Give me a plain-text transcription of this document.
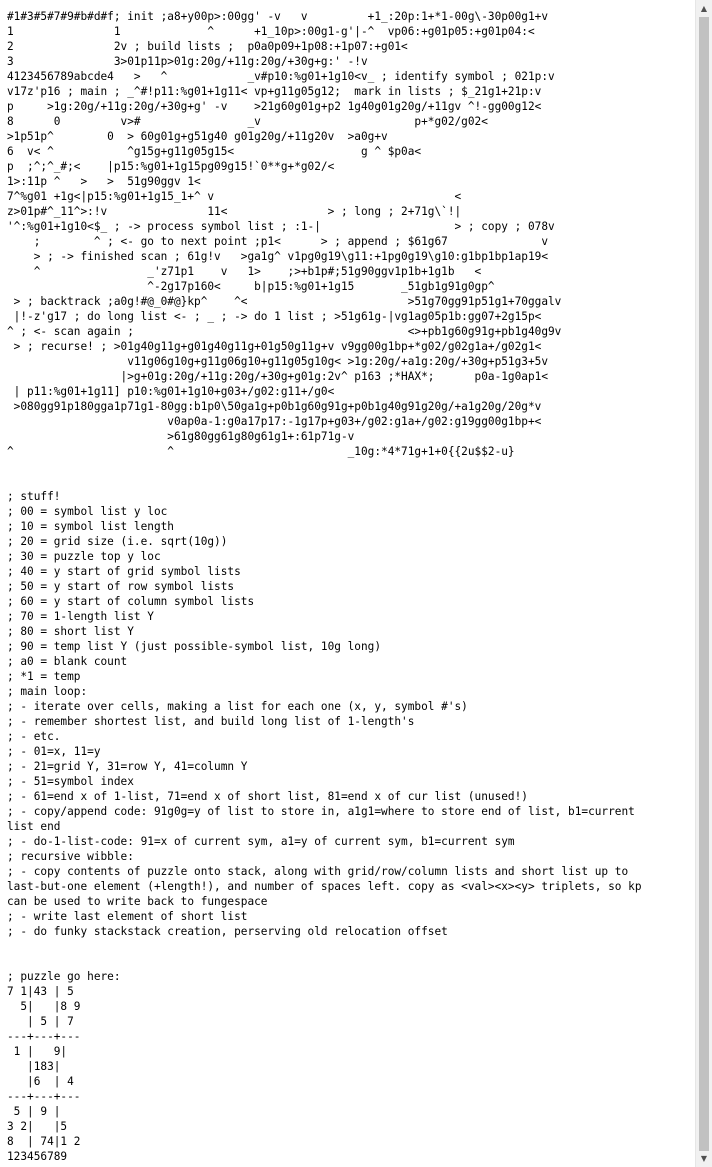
#1#3#5#7#9#b#d#f; init ;a8+y00p>:00gg' -v   v         +1_:20p:1+*1-00g\-30p00g1+v
1               1             ^      +1_10p>:00g1-g'|-^  vp06:+g01p05:+g01p04:<
2               2v ; build lists ;  p0a0p09+1p08:+1p07:+g01<
3               3>01p11p>01g:20g/+11g:20g/+30g+g:' -!v
4123456789abcde4   >   ^            _v#p10:%g01+1g10<v_ ; identify symbol ; 021p:v
v17z'p16 ; main ; _^#!p11:%g01+1g11< vp+g11g05g12;  mark in lists ; $_21g1+21p:v
p     >1g:20g/+11g:20g/+30g+g' -v    >21g60g01g+p2 1g40g01g20g/+11gv ^!-gg00g12<
8      0         v>#                _v                       p+*g02/g02<
>1p51p^        0  > 60g01g+g51g40 g01g20g/+11g20v  >a0g+v
6  v< ^           ^g15g+g11g05g15<                   g ^ $p0a<
p  ;^;^_#;<    |p15:%g01+1g15pg09g15!`0**g+*g02/<
1>:11p ^   >   >  51g90ggv 1<
7^%g01 +1g<|p15:%g01+1g15_1+^ v                                    <
z>01p#^_11^>:!v               11<               > ; long ; 2+71g\`!|
'^:%g01+1g10<$_ ; -> process symbol list ; :1-|                    > ; copy ; 078v
;        ^ ; <- go to next point ;p1<      > ; append ; $61g67              v
> ; -> finished scan ; 61g!v   >ga1g^ v1pg0g19\g11:+1pg0g19\g10:g1bp1bp1ap19<
^                _'z71p1    v   1>    ;>+b1p#;51g90ggv1p1b+1g1b   <
^-2g17p160<     b|p15:%g01+1g15       _51gb1g91g0gp^
> ; backtrack ;a0g!#@_0#@}kp^    ^<                        >51g70gg91p51g1+70ggalv
|!-z'g17 ; do long list <- ; _ ; -> do 1 list ; >51g61g-|vg1ag05p1b:gg07+2g15p<
^ ; <- scan again ;                                         <>+pb1g60g91g+pb1g40g9v
> ; recurse! ; >01g40g11g+g01g40g11g+01g50g11g+v v9gg00g1bp+*g02/g02g1a+/g02g1<
v11g06g10g+g11g06g10+g11g05g10g< >1g:20g/+a1g:20g/+30g+p51g3+5v
|>g+01g:20g/+11g:20g/+30g+g01g:2v^ p163 ;*HAX*;      p0a-1g0ap1<
| p11:%g01+1g11] p10:%g01+1g10+g03+/g02:g11+/g0<
>080gg91p180gga1p71g1-80gg:b1p0\50ga1g+p0b1g60g91g+p0b1g40g91g20g/+a1g20g/20g*v
v0ap0a-1:g0a17p17:-1g17p+g03+/g02:g1a+/g02:g19gg00g1bp+<
>61g80gg61g80g61g1+:61p71g-v
^                       ^                          _10g:*4*71g+1+0{{2u$$2-u}

; stuff!
; 00 = symbol list y loc
; 10 = symbol list length
; 20 = grid size (i.e. sqrt(10g))
; 30 = puzzle top y loc
; 40 = y start of grid symbol lists
; 50 = y start of row symbol lists
; 60 = y start of column symbol lists
; 70 = 1-length list Y
; 80 = short list Y
; 90 = temp list Y (just possible-symbol list, 10g long)
; a0 = blank count
; *1 = temp
; main loop:
; - iterate over cells, making a list for each one (x, y, symbol #'s)
; - remember shortest list, and build long list of 1-length's
; - etc.
; - 01=x, 11=y
; - 21=grid Y, 31=row Y, 41=column Y
; - 51=symbol index
; - 61=end x of 1-list, 71=end x of short list, 81=end x of cur list (unused!)
; - copy/append code: 91g0g=y of list to store in, a1g1=where to store end of list, b1=current
list end
; - do-1-list-code: 91=x of current sym, a1=y of current sym, b1=current sym
; recursive wibble:
; - copy contents of puzzle onto stack, along with grid/row/column lists and short list up to
last-but-one element (+length!), and number of spaces left. copy as <val><x><y> triplets, so kp
can be used to write back to fungespace
; - write last element of short list
; - do funky stackstack creation, perserving old relocation offset

; puzzle go here:
7 1|43 | 5
5|   |8 9
| 5 | 7
---+---+---
1 |   9|
|183|
|6  | 4
---+---+---
5 | 9 |
3 2|   |5
8  | 74|1 2
123456789
▲
▼
